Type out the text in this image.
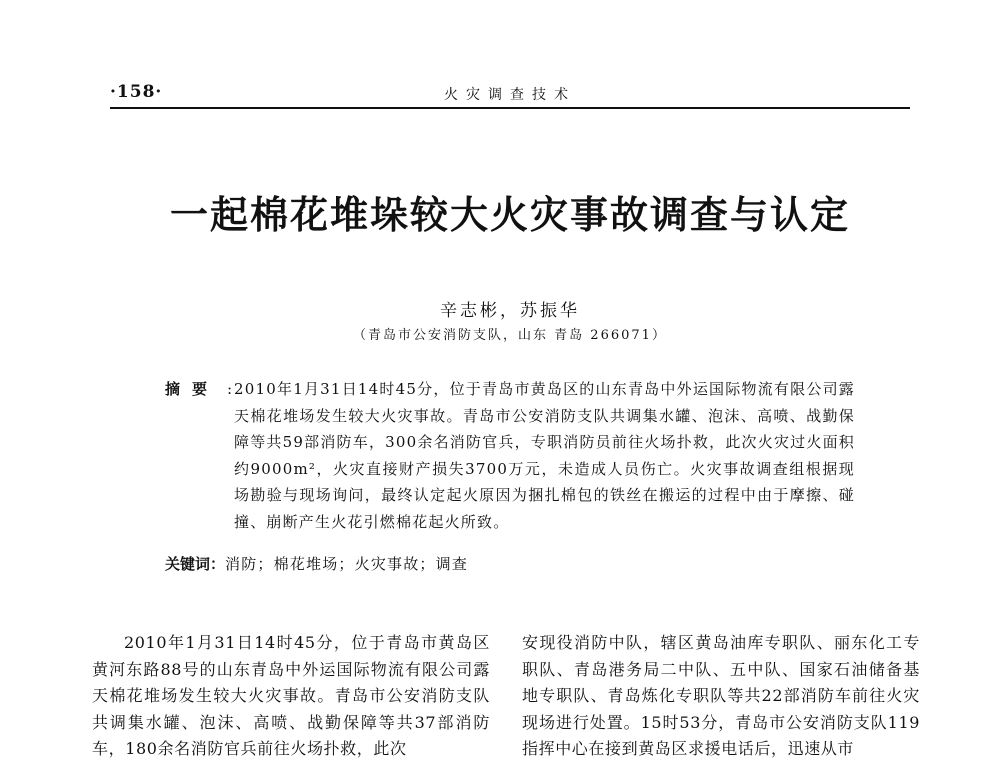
·158·	火灾调查技术
一起棉花堆垛较大火灾事故调查与认定
辛志彬，苏振华
（青岛市公安消防支队，山东 青岛 266071）
摘要 : 2010年1月31日14时45分，位于青岛市黄岛区的山东青岛中外运国际物流有限公司露天棉花堆场发生较大火灾事故。青岛市公安消防支队共调集水罐、泡沫、高喷、战勤保障等共59部消防车，300余名消防官兵，专职消防员前往火场扑救，此次火灾过火面积约9000m²，火灾直接财产损失3700万元，未造成人员伤亡。火灾事故调查组根据现场勘验与现场询问，最终认定起火原因为捆扎棉包的铁丝在搬运的过程中由于摩擦、碰撞、崩断产生火花引燃棉花起火所致。
关键词：消防；棉花堆场；火灾事故；调查
2010年1月31日14时45分，位于青岛市黄岛区黄河东路88号的山东青岛中外运国际物流有限公司露天棉花堆场发生较大火灾事故。青岛市公安消防支队共调集水罐、泡沫、高喷、战勤保障等共37部消防车，180余名消防官兵前往火场扑救，此次
安现役消防中队，辖区黄岛油库专职队、丽东化工专职队、青岛港务局二中队、五中队、国家石油储备基地专职队、青岛炼化专职队等共22部消防车前往火灾现场进行处置。15时53分，青岛市公安消防支队119指挥中心在接到黄岛区求援电话后，迅速从市
